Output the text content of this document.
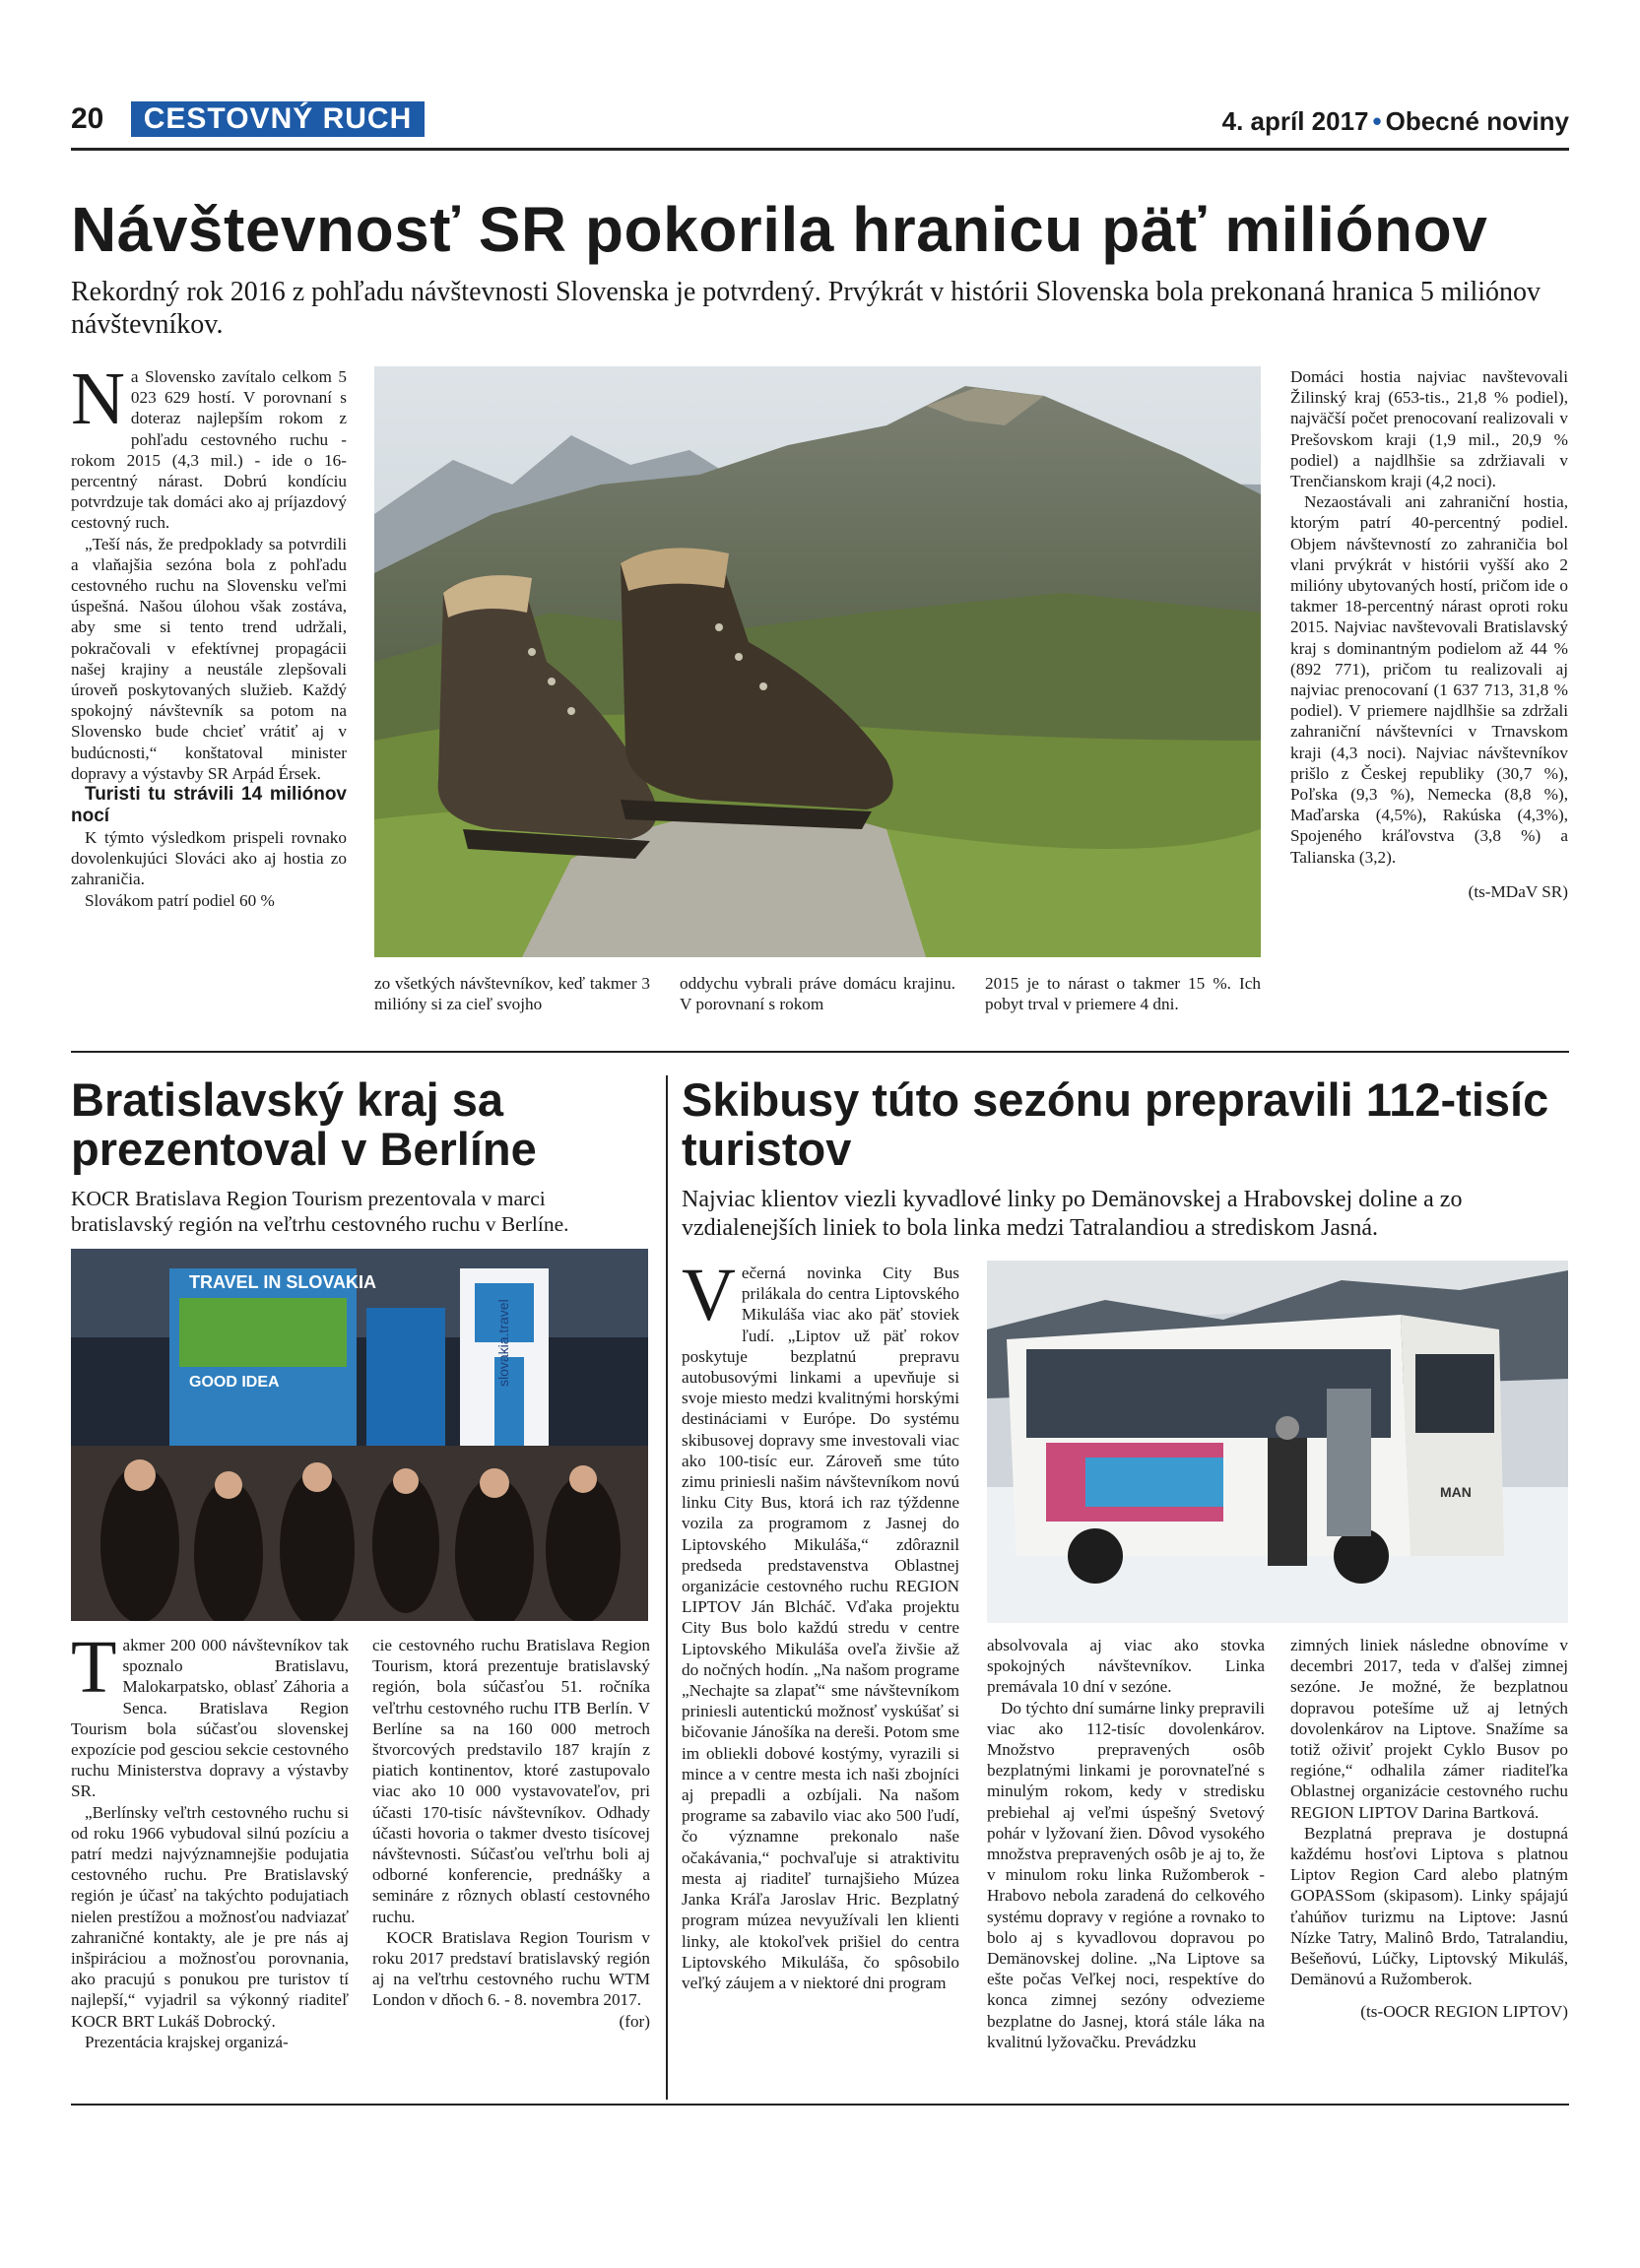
20	CESTOVNÝ RUCH	4. apríl 2017 • Obecné noviny
Návštevnosť SR pokorila hranicu päť miliónov
Rekordný rok 2016 z pohľadu návštevnosti Slovenska je potvrdený. Prvýkrát v histórii Slovenska bola prekonaná hranica 5 miliónov návštevníkov.
N a Slovensko zavítalo celkom 5 023 629 hostí. V porovnaní s doteraz najlepším rokom z pohľadu cestovného ruchu - rokom 2015 (4,3 mil.) - ide o 16-percentný nárast. Dobrú kondíciu potvrdzuje tak domáci ako aj príjazdový cestovný ruch.

„Teší nás, že predpoklady sa potvrdili a vlaňajšia sezóna bola z pohľadu cestovného ruchu na Slovensku veľmi úspešná. Našou úlohou však zostáva, aby sme si tento trend udržali, pokračovali v efektívnej propagácii našej krajiny a neustále zlepšovali úroveň poskytovaných služieb. Každý spokojný návštevník sa potom na Slovensko bude chcieť vrátiť aj v budúcnosti,“ konštatoval minister dopravy a výstavby SR Arpád Érsek.

Turisti tu strávili 14 miliónov nocí

K týmto výsledkom prispeli rovnako dovolenkujúci Slováci ako aj hostia zo zahraničia.

Slovákom patrí podiel 60 %

zo všetkých návštevníkov, keď takmer 3 milióny si za cieľ svojho

oddychu vybrali práve domácu krajinu. V porovnaní s rokom

2015 je to nárast o takmer 15 %. Ich pobyt trval v priemere 4 dni.

Domáci hostia najviac navštevovali Žilinský kraj (653-tis., 21,8 % podiel), najväčší počet prenocovaní realizovali v Prešovskom kraji (1,9 mil., 20,9 % podiel) a najdlhšie sa zdržiavali v Trenčianskom kraji (4,2 noci).

Nezaostávali ani zahraniční hostia, ktorým patrí 40-percentný podiel. Objem návštevností zo zahraničia bol vlani prvýkrát v histórii vyšší ako 2 milióny ubytovaných hostí, pričom ide o takmer 18-percentný nárast oproti roku 2015. Najviac navštevovali Bratislavský kraj s dominantným podielom až 44 % (892 771), pričom tu realizovali aj najviac prenocovaní (1 637 713, 31,8 % podiel). V priemere najdlhšie sa zdržali zahraniční návštevníci v Trnavskom kraji (4,3 noci). Najviac návštevníkov prišlo z Českej republiky (30,7 %), Poľska (9,3 %), Nemecka (8,8 %), Maďarska (4,5%), Rakúska (4,3%), Spojeného kráľovstva (3,8 %) a Talianska (3,2).

(ts-MDaV SR)

Bratislavský kraj sa prezentoval v Berlíne
KOCR Bratislava Region Tourism prezentovala v marci bratislavský región na veľtrhu cestovného ruchu v Berlíne.
TRAVEL IN SLOVAKIA
GOOD IDEA	slovakia.travel
T akmer 200 000 návštevníkov tak spoznalo Bratislavu, Malokarpatsko, oblasť Záhoria a Senca. Bratislava Region Tourism bola súčasťou slovenskej expozície pod gesciou sekcie cestovného ruchu Ministerstva dopravy a výstavby SR.

„Berlínsky veľtrh cestovného ruchu si od roku 1966 vybudoval silnú pozíciu a patrí medzi najvýznamnejšie podujatia cestovného ruchu. Pre Bratislavský región je účasť na takýchto podujatiach nielen prestížou a možnosťou nadviazať zahraničné kontakty, ale je pre nás aj inšpiráciou a možnosťou porovnania, ako pracujú s ponukou pre turistov tí najlepší,“ vyjadril sa výkonný riaditeľ KOCR BRT Lukáš Dobrocký.

Prezentácia krajskej organizá-

cie cestovného ruchu Bratislava Region Tourism, ktorá prezentuje bratislavský región, bola súčasťou 51. ročníka veľtrhu cestovného ruchu ITB Berlín. V Berlíne sa na 160 000 metroch štvorcových predstavilo 187 krajín z piatich kontinentov, ktoré zastupovalo viac ako 10 000 vystavovateľov, pri účasti 170-tisíc návštevníkov. Odhady účasti hovoria o takmer dvesto tisícovej návštevnosti. Súčasťou veľtrhu boli aj odborné konferencie, prednášky a semináre z rôznych oblastí cestovného ruchu.

KOCR Bratislava Region Tourism v roku 2017 predstaví bratislavský región aj na veľtrhu cestovného ruchu WTM London v dňoch 6. - 8. novembra 2017.

(for)

Skibusy túto sezónu prepravili 112-tisíc turistov
Najviac klientov viezli kyvadlové linky po Demänovskej a Hrabovskej doline a zo vzdialenejších liniek to bola linka medzi Tatralandiou a strediskom Jasná.
V ečerná novinka City Bus prilákala do centra Liptovského Mikuláša viac ako päť stoviek ľudí. „Liptov už päť rokov poskytuje bezplatnú prepravu autobusovými linkami a upevňuje si svoje miesto medzi kvalitnými horskými destináciami v Európe. Do systému skibusovej dopravy sme investovali viac ako 100-tisíc eur. Zároveň sme túto zimu priniesli našim návštevníkom novú linku City Bus, ktorá ich raz týždenne vozila za programom z Jasnej do Liptovského Mikuláša,“ zdôraznil predseda predstavenstva Oblastnej organizácie cestovného ruchu REGION LIPTOV Ján Blcháč. Vďaka projektu City Bus bolo každú stredu v centre Liptovského Mikuláša oveľa živšie až do nočných hodín. „Na našom programe „Nechajte sa zlapať“ sme návštevníkom priniesli autentickú možnosť vyskúšať si bičovanie Jánošíka na dereši. Potom sme im obliekli dobové kostýmy, vyrazili si mince a v centre mesta ich naši zbojníci aj prepadli a ozbíjali. Na našom programe sa zabavilo viac ako 500 ľudí, čo významne prekonalo naše očakávania,“ pochvaľuje si atraktivitu mesta aj riaditeľ turnajšieho Múzea Janka Kráľa Jaroslav Hric. Bezplatný program múzea nevyužívali len klienti linky, ale ktokoľvek prišiel do centra Liptovského Mikuláša, čo spôsobilo veľký záujem a v niektoré dni program

MAN

absolvovala aj viac ako stovka spokojných návštevníkov. Linka premávala 10 dní v sezóne.

Do týchto dní sumárne linky prepravili viac ako 112-tisíc dovolenkárov. Množstvo prepravených osôb bezplatnými linkami je porovnateľné s minulým rokom, kedy v stredisku prebiehal aj veľmi úspešný Svetový pohár v lyžovaní žien. Dôvod vysokého množstva prepravených osôb je aj to, že v minulom roku linka Ružomberok - Hrabovo nebola zaradená do celkového systému dopravy v regióne a rovnako to bolo aj s kyvadlovou dopravou po Demänovskej doline. „Na Liptove sa ešte počas Veľkej noci, respektíve do konca zimnej sezóny odvezieme bezplatne do Jasnej, ktorá stále láka na kvalitnú lyžovačku. Prevádzku

zimných liniek následne obnovíme v decembri 2017, teda v ďalšej zimnej sezóne. Je možné, že bezplatnou dopravou potešíme už aj letných dovolenkárov na Liptove. Snažíme sa totiž oživiť projekt Cyklo Busov po regióne,“ odhalila zámer riaditeľka Oblastnej organizácie cestovného ruchu REGION LIPTOV Darina Bartková.

Bezplatná preprava je dostupná každému hosťovi Liptova s platnou Liptov Region Card alebo platným GOPASSom (skipasom). Linky spájajú ťahúňov turizmu na Liptove: Jasnú Nízke Tatry, Malinô Brdo, Tatralandiu, Bešeňovú, Lúčky, Liptovský Mikuláš, Demänovú a Ružomberok.

(ts-OOCR REGION LIPTOV)
